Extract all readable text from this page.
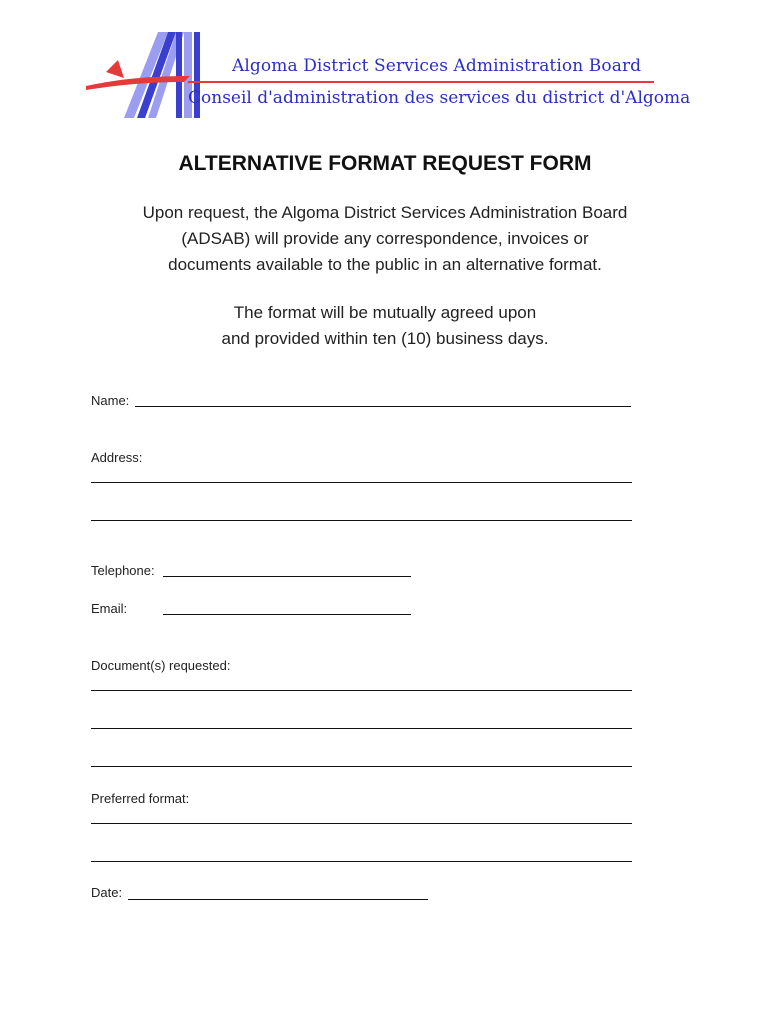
Algoma District Services Administration Board
Conseil d'administration des services du district d'Algoma
ALTERNATIVE FORMAT REQUEST FORM

Upon request, the Algoma District Services Administration Board
(ADSAB) will provide any correspondence, invoices or
documents available to the public in an alternative format.

The format will be mutually agreed upon
and provided within ten (10) business days.

Name:
Address:
Telephone:
Email:
Document(s) requested:
Preferred format:
Date:
